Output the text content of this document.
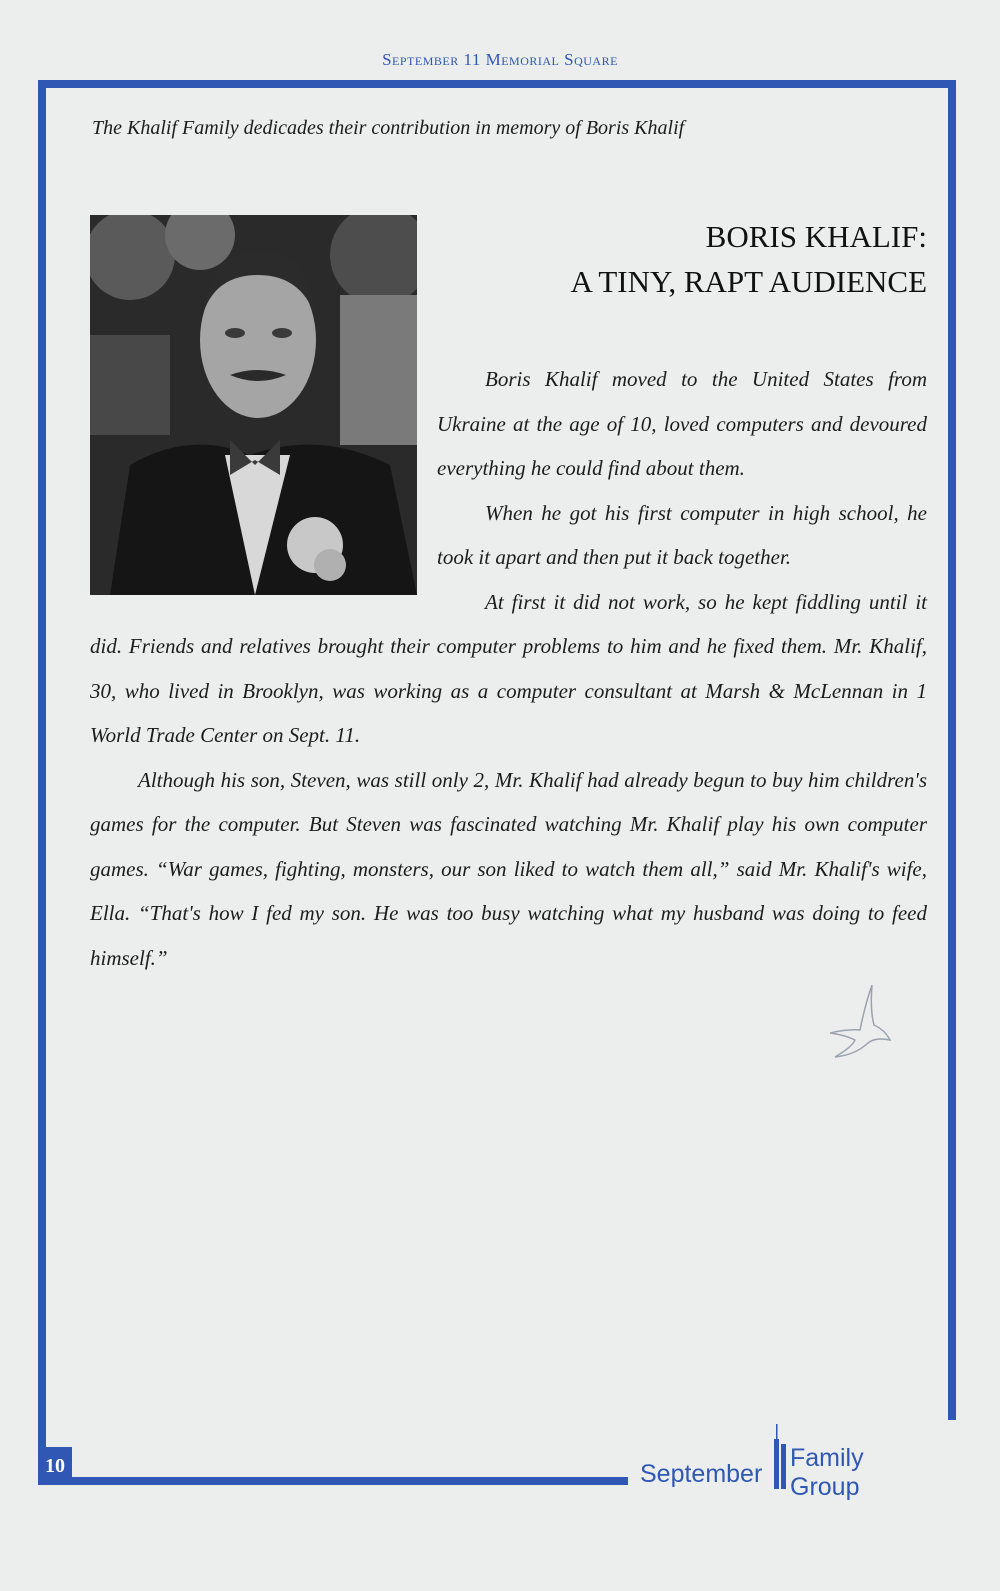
September 11 Memorial Square
The Khalif Family dedicades their contribution in memory of Boris Khalif
BORIS KHALIF:
A TINY, RAPT AUDIENCE

Boris Khalif moved to the United States from Ukraine at the age of 10, loved computers and devoured everything he could find about them.

When he got his first computer in high school, he took it apart and then put it back together.

At first it did not work, so he kept fiddling until it did. Friends and relatives brought their computer problems to him and he fixed them. Mr. Khalif, 30, who lived in Brooklyn, was working as a computer consultant at Marsh & McLennan in 1 World Trade Center on Sept. 11.

Although his son, Steven, was still only 2, Mr. Khalif had already begun to buy him children's games for the computer. But Steven was fascinated watching Mr. Khalif play his own computer games. “War games, fighting, monsters, our son liked to watch them all,” said Mr. Khalif's wife, Ella. “That's how I fed my son. He was too busy watching what my husband was doing to feed himself.”

10	September
Family Group
